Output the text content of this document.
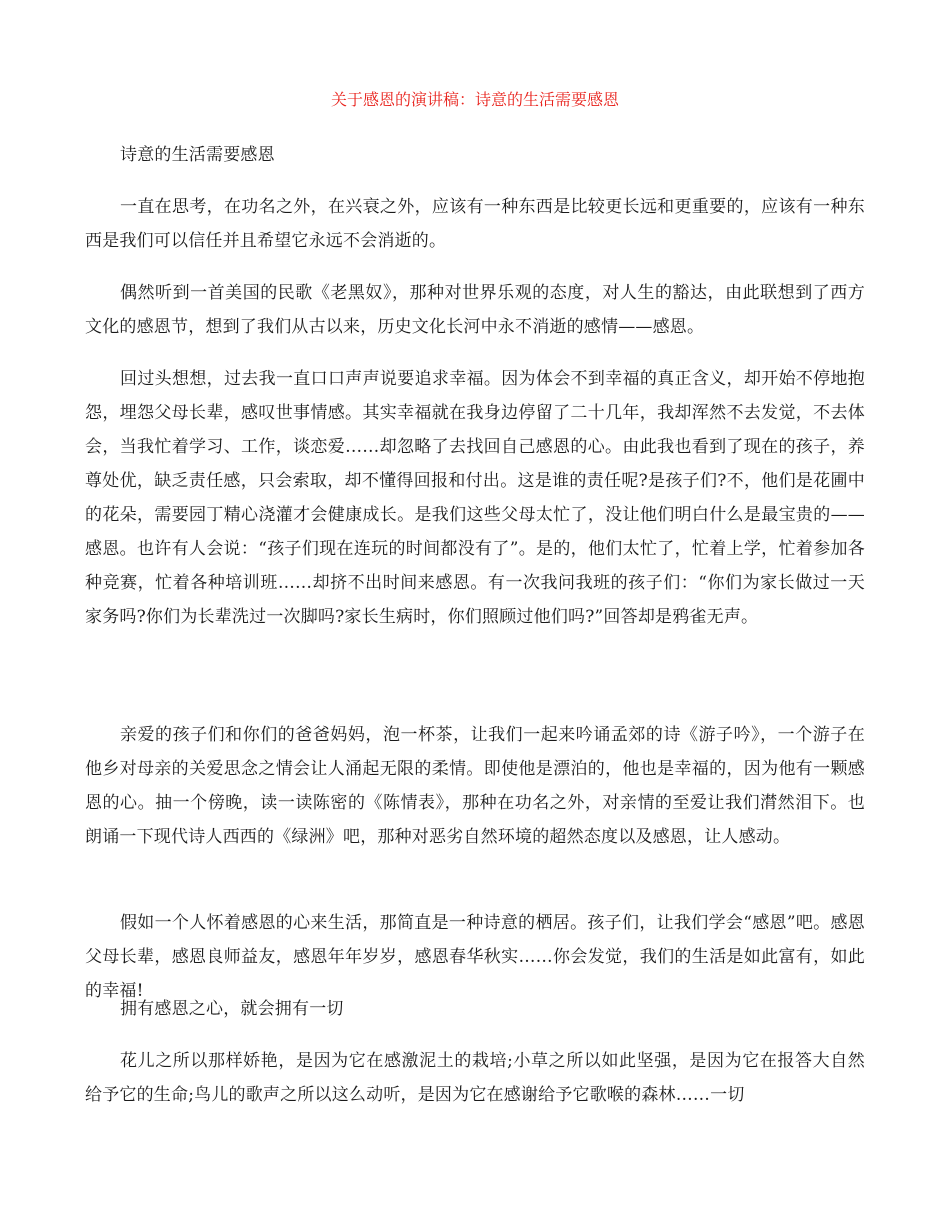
关于感恩的演讲稿：诗意的生活需要感恩

诗意的生活需要感恩

一直在思考，在功名之外，在兴衰之外，应该有一种东西是比较更长远和更重要的，应该有一种东西是我们可以信任并且希望它永远不会消逝的。

偶然听到一首美国的民歌《老黑奴》，那种对世界乐观的态度，对人生的豁达，由此联想到了西方文化的感恩节，想到了我们从古以来，历史文化长河中永不消逝的感情——感恩。

回过头想想，过去我一直口口声声说要追求幸福。因为体会不到幸福的真正含义，却开始不停地抱怨，埋怨父母长辈，感叹世事情感。其实幸福就在我身边停留了二十几年，我却浑然不去发觉，不去体会，当我忙着学习、工作，谈恋爱……却忽略了去找回自己感恩的心。由此我也看到了现在的孩子，养尊处优，缺乏责任感，只会索取，却不懂得回报和付出。这是谁的责任呢?是孩子们?不，他们是花圃中的花朵，需要园丁精心浇灌才会健康成长。是我们这些父母太忙了，没让他们明白什么是最宝贵的——感恩。也许有人会说：“孩子们现在连玩的时间都没有了”。是的，他们太忙了，忙着上学，忙着参加各种竞赛，忙着各种培训班……却挤不出时间来感恩。有一次我问我班的孩子们：“你们为家长做过一天家务吗?你们为长辈洗过一次脚吗?家长生病时，你们照顾过他们吗?”回答却是鸦雀无声。

亲爱的孩子们和你们的爸爸妈妈，泡一杯茶，让我们一起来吟诵孟郊的诗《游子吟》，一个游子在他乡对母亲的关爱思念之情会让人涌起无限的柔情。即使他是漂泊的，他也是幸福的，因为他有一颗感恩的心。抽一个傍晚，读一读陈密的《陈情表》，那种在功名之外，对亲情的至爱让我们潸然泪下。也朗诵一下现代诗人西西的《绿洲》吧，那种对恶劣自然环境的超然态度以及感恩，让人感动。

假如一个人怀着感恩的心来生活，那简直是一种诗意的栖居。孩子们，让我们学会“感恩”吧。感恩父母长辈，感恩良师益友，感恩年年岁岁，感恩春华秋实……你会发觉，我们的生活是如此富有，如此的幸福!

拥有感恩之心，就会拥有一切

花儿之所以那样娇艳，是因为它在感激泥土的栽培;小草之所以如此坚强，是因为它在报答大自然给予它的生命;鸟儿的歌声之所以这么动听，是因为它在感谢给予它歌喉的森林……一切
